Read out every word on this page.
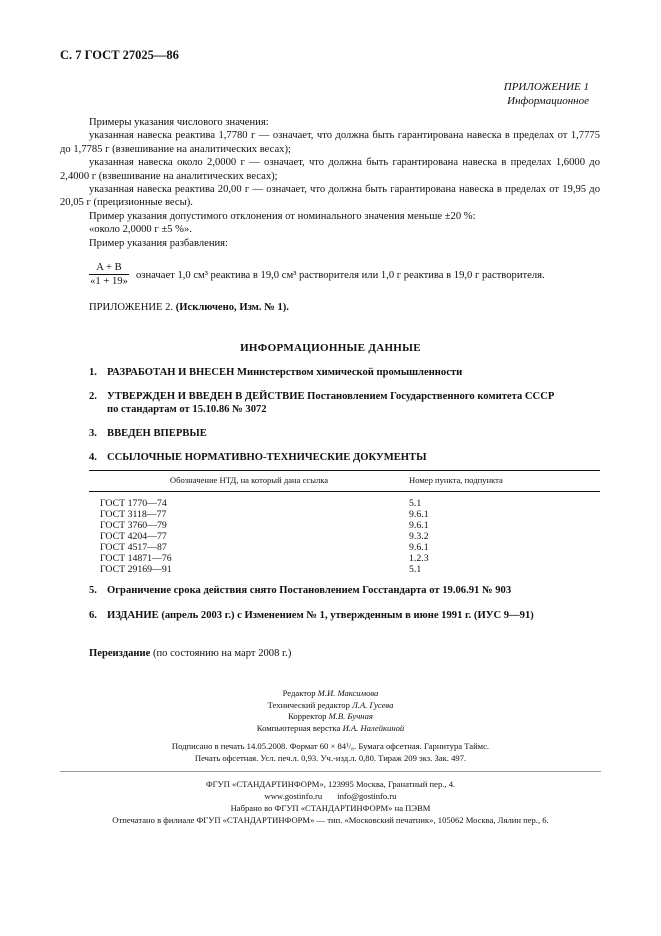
С. 7 ГОСТ 27025—86
ПРИЛОЖЕНИЕ 1
Информационное

Примеры указания числового значения:

указанная навеска реактива 1,7780 г — означает, что должна быть гарантирована навеска в пределах от 1,7775 до 1,7785 г (взвешивание на аналитических весах);

указанная навеска около 2,0000 г — означает, что должна быть гарантирована навеска в пределах 1,6000 до 2,4000 г (взвешивание на аналитических весах);

указанная навеска реактива 20,00 г — означает, что должна быть гарантирована навеска в пределах от 19,95 до 20,05 г (прецизионные весы).

Пример указания допустимого отклонения от номинального значения меньше ±20 %:

«около 2,0000 г ±5 %».

Пример указания разбавления:

$\frac{A + B}{«1 + 19»}$ означает 1,0 см³ реактива в 19,0 см³ растворителя или 1,0 г реактива в 19,0 г растворителя.
ПРИЛОЖЕНИЕ 2. (Исключено, Изм. № 1).
ИНФОРМАЦИОННЫЕ ДАННЫЕ
1. РАЗРАБОТАН И ВНЕСЕН Министерством химической промышленности
2. УТВЕРЖДЕН И ВВЕДЕН В ДЕЙСТВИЕ Постановлением Государственного комитета СССР
по стандартам от 15.10.86 № 3072
3. ВВЕДЕН ВПЕРВЫЕ
4. ССЫЛОЧНЫЕ НОРМАТИВНО-ТЕХНИЧЕСКИЕ ДОКУМЕНТЫ
Обозначение НТД, на который дана ссылка	Номер пункта, подпункта

ГОСТ 1770—74	5.1
ГОСТ 3118—77	9.6.1
ГОСТ 3760—79	9.6.1
ГОСТ 4204—77	9.3.2
ГОСТ 4517—87	9.6.1
ГОСТ 14871—76	1.2.3
ГОСТ 29169—91	5.1
5. Ограничение срока действия снято Постановлением Госстандарта от 19.06.91 № 903
6. ИЗДАНИЕ (апрель 2003 г.) с Изменением № 1, утвержденным в июне 1991 г. (ИУС 9—91)
Переиздание (по состоянию на март 2008 г.)
Редактор М.И. Максимова
Технический редактор Л.А. Гусева
Корректор М.В. Бучная
Компьютерная верстка И.А. Налейкиной
Подписано в печать 14.05.2008. Формат 60 × 84¹/₈. Бумага офсетная. Гарнитура Таймс.
Печать офсетная. Усл. печ.л. 0,93. Уч.-изд.л. 0,80. Тираж 209 экз. Зак. 497.
ФГУП «СТАНДАРТИНФОРМ», 123995 Москва, Гранатный пер., 4.
www.gostinfo.ru info@gostinfo.ru
Набрано во ФГУП «СТАНДАРТИНФОРМ» на ПЭВМ
Отпечатано в филиале ФГУП «СТАНДАРТИНФОРМ» — тип. «Московский печатник», 105062 Москва, Лялин пер., 6.
